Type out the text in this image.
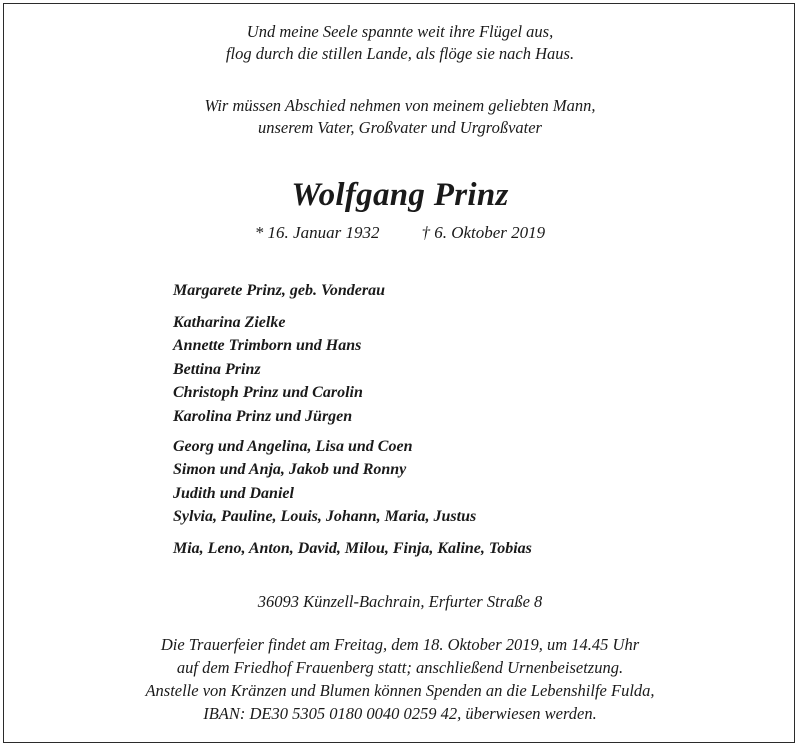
Und meine Seele spannte weit ihre Flügel aus,
flog durch die stillen Lande, als flöge sie nach Haus.
Wir müssen Abschied nehmen von meinem geliebten Mann,
unserem Vater, Großvater und Urgroßvater
Wolfgang Prinz
* 16. Januar 1932 † 6. Oktober 2019
Margarete Prinz, geb. Vonderau
Katharina Zielke
Annette Trimborn und Hans
Bettina Prinz
Christoph Prinz und Carolin
Karolina Prinz und Jürgen
Georg und Angelina, Lisa und Coen
Simon und Anja, Jakob und Ronny
Judith und Daniel
Sylvia, Pauline, Louis, Johann, Maria, Justus
Mia, Leno, Anton, David, Milou, Finja, Kaline, Tobias
36093 Künzell-Bachrain, Erfurter Straße 8
Die Trauerfeier findet am Freitag, dem 18. Oktober 2019, um 14.45 Uhr
auf dem Friedhof Frauenberg statt; anschließend Urnenbeisetzung.
Anstelle von Kränzen und Blumen können Spenden an die Lebenshilfe Fulda,
IBAN: DE30 5305 0180 0040 0259 42, überwiesen werden.
